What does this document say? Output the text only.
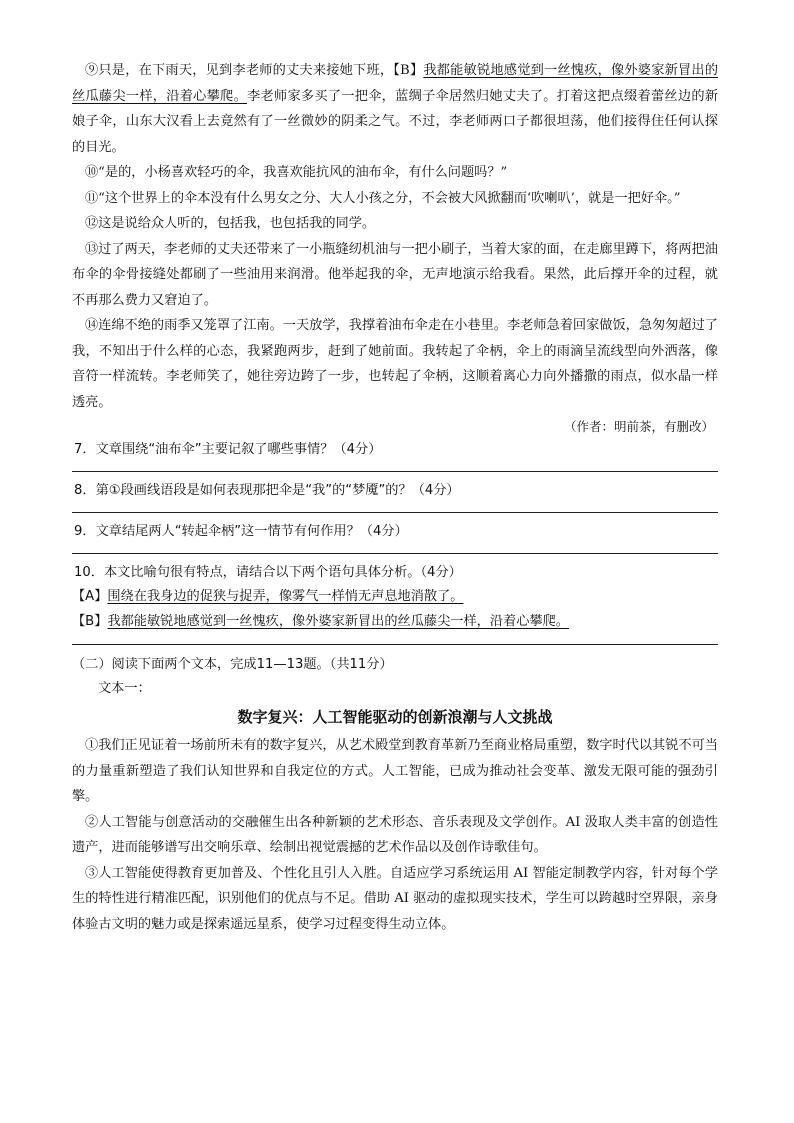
⑨只是，在下雨天，见到李老师的丈夫来接她下班，【B】我都能敏锐地感觉到一丝愧疚，像外婆家新冒出的丝瓜藤尖一样，沿着心攀爬。李老师家多买了一把伞，蓝绸子伞居然归她丈夫了。打着这把点缀着蕾丝边的新娘子伞，山东大汉看上去竟然有了一丝微妙的阴柔之气。不过，李老师两口子都很坦荡，他们接得住任何认探的目光。

⑩“是的，小杨喜欢轻巧的伞，我喜欢能抗风的油布伞，有什么问题吗？”

⑪“这个世界上的伞本没有什么男女之分、大人小孩之分，不会被大风掀翻而‘吹喇叭’，就是一把好伞。”

⑫这是说给众人听的，包括我，也包括我的同学。

⑬过了两天，李老师的丈夫还带来了一小瓶缝纫机油与一把小刷子，当着大家的面，在走廊里蹲下，将两把油布伞的伞骨接缝处都刷了一些油用来润滑。他举起我的伞，无声地演示给我看。果然，此后撑开伞的过程，就不再那么费力又窘迫了。

⑭连绵不绝的雨季又笼罩了江南。一天放学，我撑着油布伞走在小巷里。李老师急着回家做饭，急匆匆超过了我，不知出于什么样的心态，我紧跑两步，赶到了她前面。我转起了伞柄，伞上的雨滴呈流线型向外洒落，像音符一样流转。李老师笑了，她往旁边跨了一步，也转起了伞柄，这顺着离心力向外播撒的雨点，似水晶一样透亮。

（作者：明前茶，有删改）

7．文章围绕“油布伞”主要记叙了哪些事情？（4分）

8．第①段画线语段是如何表现那把伞是“我”的“梦魇”的？（4分）

9．文章结尾两人“转起伞柄”这一情节有何作用？（4分）

10．本文比喻句很有特点，请结合以下两个语句具体分析。（4分）

【A】围绕在我身边的促狭与捉弄，像雾气一样悄无声息地消散了。

【B】我都能敏锐地感觉到一丝愧疚，像外婆家新冒出的丝瓜藤尖一样，沿着心攀爬。

（二）阅读下面两个文本，完成11—13题。（共11分）

文本一：

数字复兴：人工智能驱动的创新浪潮与人文挑战

①我们正见证着一场前所未有的数字复兴，从艺术殿堂到教育革新乃至商业格局重塑，数字时代以其锐不可当的力量重新塑造了我们认知世界和自我定位的方式。人工智能，已成为推动社会变革、激发无限可能的强劲引擎。

②人工智能与创意活动的交融催生出各种新颖的艺术形态、音乐表现及文学创作。AI 汲取人类丰富的创造性遗产，进而能够谱写出交响乐章、绘制出视觉震撼的艺术作品以及创作诗歌佳句。

③人工智能使得教育更加普及、个性化且引人入胜。自适应学习系统运用 AI 智能定制教学内容，针对每个学生的特性进行精准匹配，识别他们的优点与不足。借助 AI 驱动的虚拟现实技术，学生可以跨越时空界限，亲身体验古文明的魅力或是探索遥远星系，使学习过程变得生动立体。
